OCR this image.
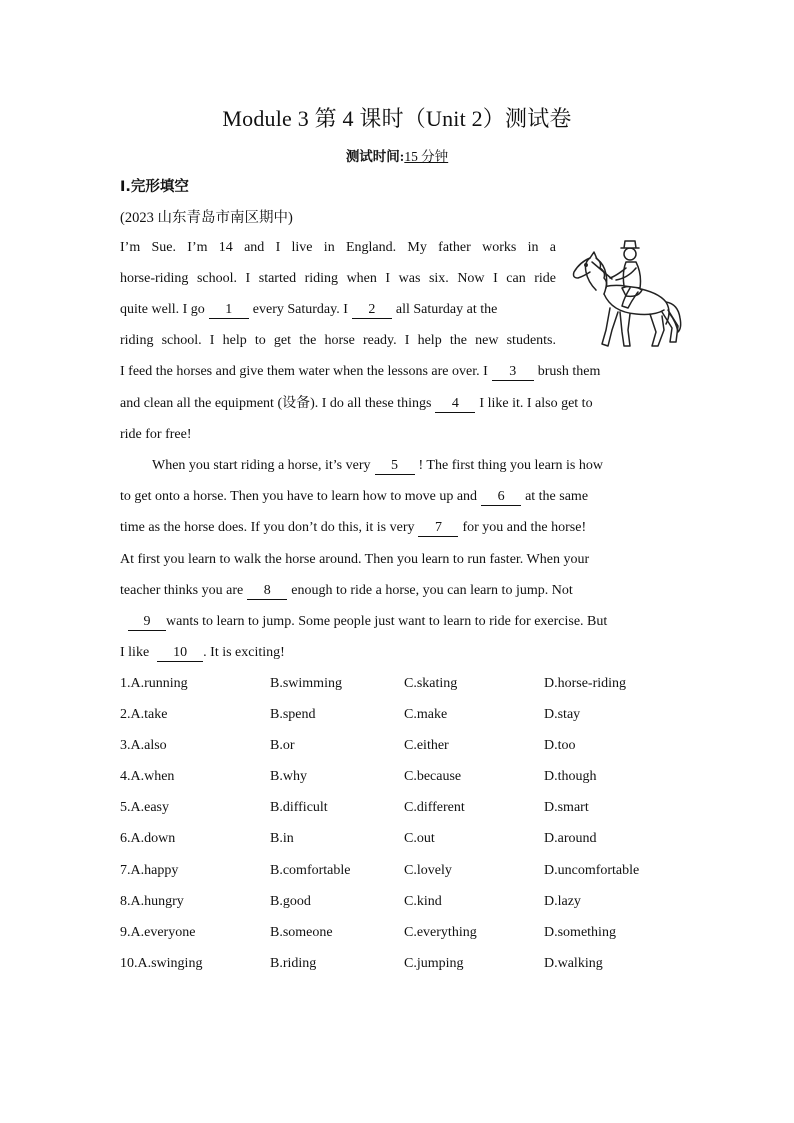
Module 3 第 4 课时（Unit 2）测试卷
测试时间:15 分钟
Ⅰ.完形填空
(2023 山东青岛市南区期中)
I’m Sue. I’m 14 and I live in England. My father works in a
horse-riding school. I started riding when I was six. Now I can ride
quite well. I go 1 every Saturday. I 2 all Saturday at the
riding school. I help to get the horse ready. I help the new students.
I feed the horses and give them water when the lessons are over. I 3 brush them
and clean all the equipment (设备). I do all these things 4 I like it. I also get to
ride for free!
When you start riding a horse, it’s very 5 ! The first thing you learn is how
to get onto a horse. Then you have to learn how to move up and 6 at the same
time as the horse does. If you don’t do this, it is very 7 for you and the horse!
At first you learn to walk the horse around. Then you learn to run faster. When your
teacher thinks you are 8 enough to ride a horse, you can learn to jump. Not
9 wants to learn to jump. Some people just want to learn to ride for exercise. But
I like 10 . It is exciting!
1.A.running	B.swimming	C.skating	D.horse-riding
2.A.take	B.spend	C.make	D.stay
3.A.also	B.or	C.either	D.too
4.A.when	B.why	C.because	D.though
5.A.easy	B.difficult	C.different	D.smart
6.A.down	B.in	C.out	D.around
7.A.happy	B.comfortable	C.lovely	D.uncomfortable
8.A.hungry	B.good	C.kind	D.lazy
9.A.everyone	B.someone	C.everything	D.something
10.A.swinging	B.riding	C.jumping	D.walking
